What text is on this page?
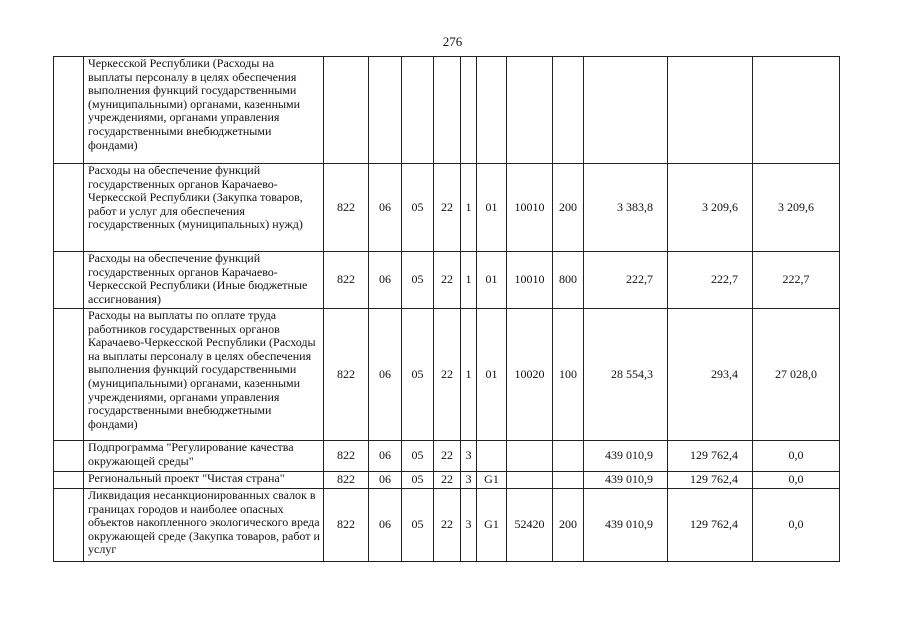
276
	Черкесской Республики (Расходы на выплаты персоналу в целях обеспечения выполнения функций государственными (муниципальными) органами, казенными учреждениями, органами управления государственными внебюджетными фондами)											
	Расходы на обеспечение функций государственных органов Карачаево-Черкесской Республики (Закупка товаров, работ и услуг для обеспечения государственных (муниципальных) нужд)	822	06	05	22	1	01	10010	200	3 383,8	3 209,6	3 209,6
	Расходы на обеспечение функций государственных органов Карачаево-Черкесской Республики (Иные бюджетные ассигнования)	822	06	05	22	1	01	10010	800	222,7	222,7	222,7
	Расходы на выплаты по оплате труда работников государственных органов Карачаево-Черкесской Республики (Расходы на выплаты персоналу в целях обеспечения выполнения функций государственными (муниципальными) органами, казенными учреждениями, органами управления государственными внебюджетными фондами)	822	06	05	22	1	01	10020	100	28 554,3	293,4	27 028,0
	Подпрограмма "Регулирование качества окружающей среды"	822	06	05	22	3				439 010,9	129 762,4	0,0
	Региональный проект "Чистая страна"	822	06	05	22	3	G1			439 010,9	129 762,4	0,0
	Ликвидация несанкционированных свалок в границах городов и наиболее опасных объектов накопленного экологического вреда окружающей среде (Закупка товаров, работ и услуг	822	06	05	22	3	G1	52420	200	439 010,9	129 762,4	0,0
